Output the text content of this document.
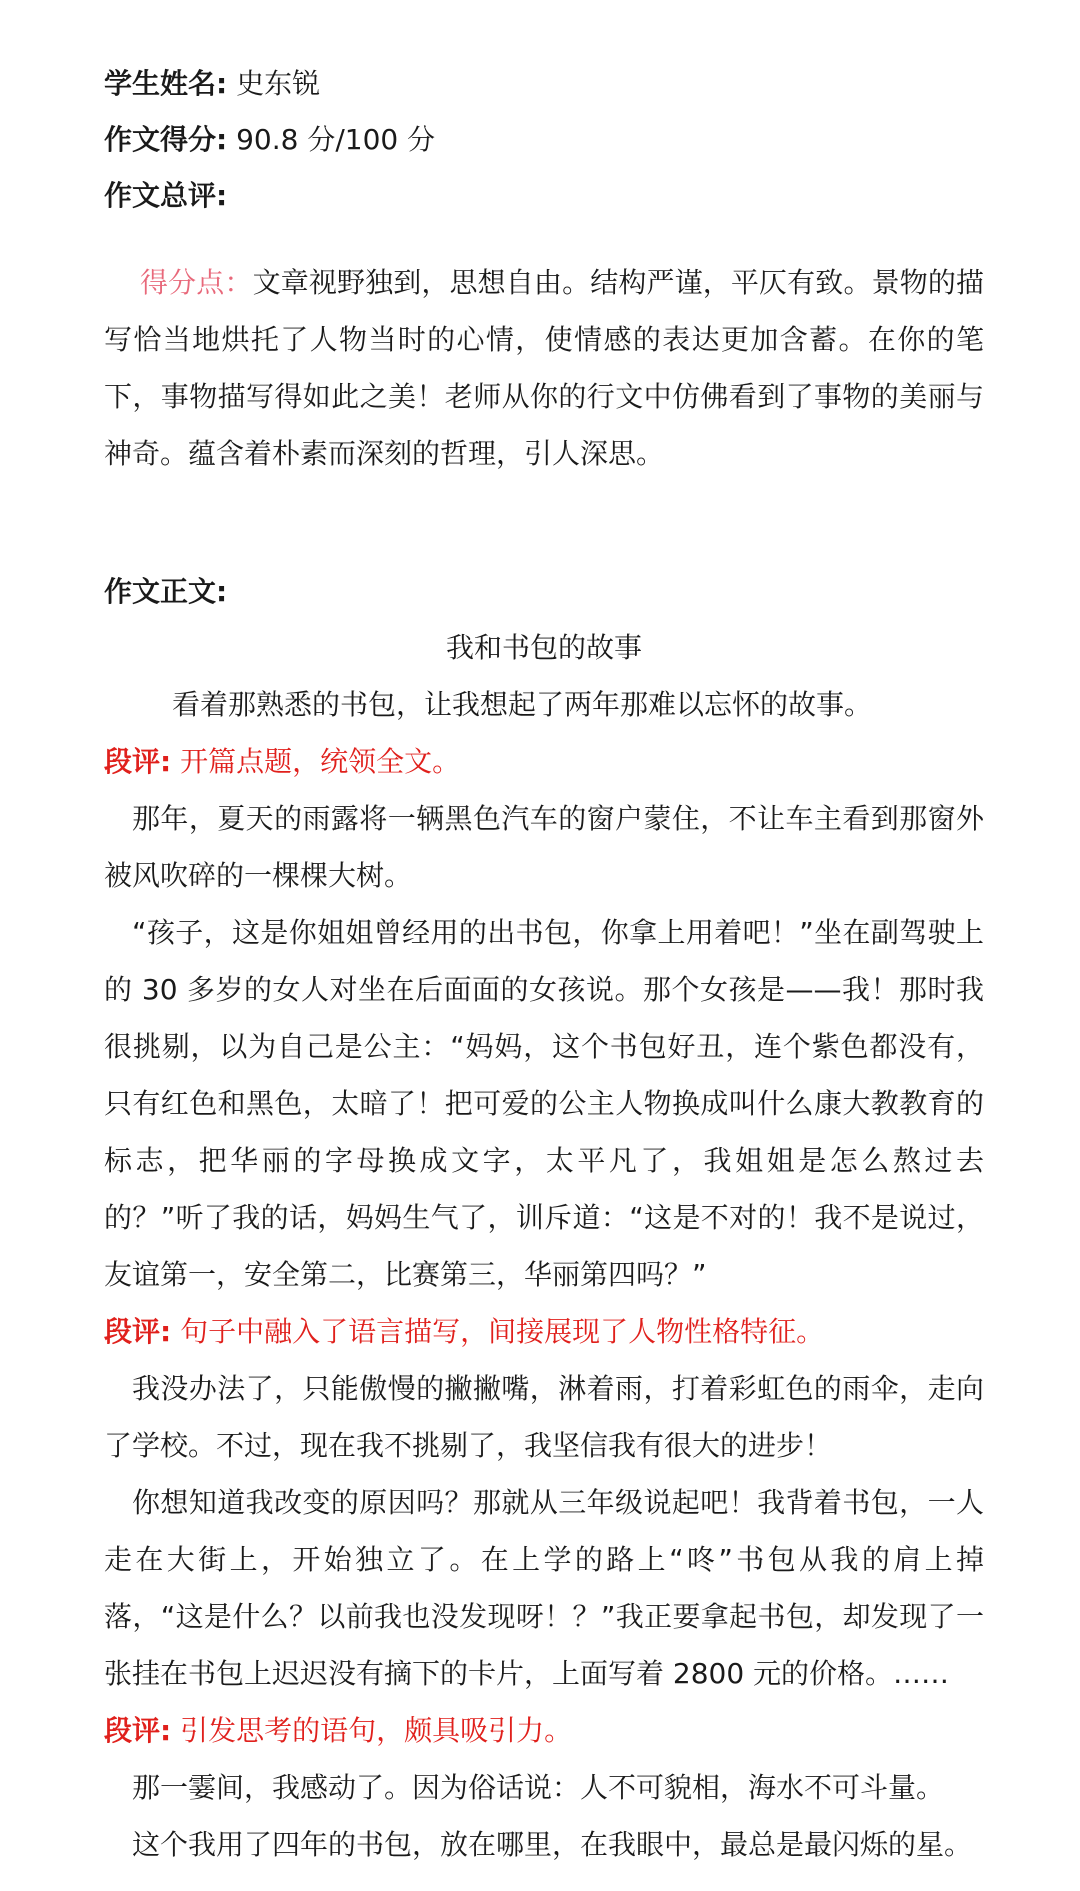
学生姓名: 史东锐
作文得分: 90.8 分/100 分
作文总评:
得分点：文章视野独到，思想自由。结构严谨，平仄有致。景物的描写恰当地烘托了人物当时的心情，使情感的表达更加含蓄。在你的笔下，事物描写得如此之美！老师从你的行文中仿佛看到了事物的美丽与神奇。蕴含着朴素而深刻的哲理，引人深思。
作文正文:
我和书包的故事
看着那熟悉的书包，让我想起了两年那难以忘怀的故事。
段评: 开篇点题，统领全文。
那年，夏天的雨露将一辆黑色汽车的窗户蒙住，不让车主看到那窗外被风吹碎的一棵棵大树。
“孩子，这是你姐姐曾经用的出书包，你拿上用着吧！”坐在副驾驶上的 30 多岁的女人对坐在后面面的女孩说。那个女孩是——我！那时我很挑剔，以为自己是公主：“妈妈，这个书包好丑，连个紫色都没有，只有红色和黑色，太暗了！把可爱的公主人物换成叫什么康大教教育的标志，把华丽的字母换成文字，太平凡了，我姐姐是怎么熬过去的？”听了我的话，妈妈生气了，训斥道：“这是不对的！我不是说过，友谊第一，安全第二，比赛第三，华丽第四吗？”
段评: 句子中融入了语言描写，间接展现了人物性格特征。
我没办法了，只能傲慢的撇撇嘴，淋着雨，打着彩虹色的雨伞，走向了学校。不过，现在我不挑剔了，我坚信我有很大的进步！
你想知道我改变的原因吗？那就从三年级说起吧！我背着书包，一人走在大街上，开始独立了。在上学的路上“咚”书包从我的肩上掉落，“这是什么？以前我也没发现呀！？”我正要拿起书包，却发现了一张挂在书包上迟迟没有摘下的卡片，上面写着 2800 元的价格。……
段评: 引发思考的语句，颇具吸引力。
那一霎间，我感动了。因为俗话说：人不可貌相，海水不可斗量。
这个我用了四年的书包，放在哪里，在我眼中，最总是最闪烁的星。
